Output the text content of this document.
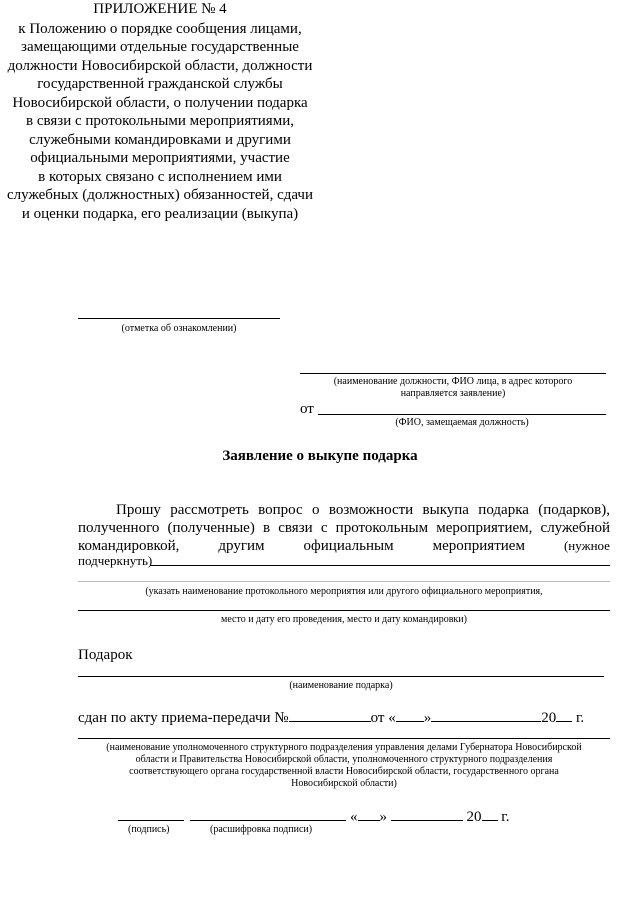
ПРИЛОЖЕНИЕ № 4
к Положению о порядке сообщения лицами,
замещающими отдельные государственные
должности Новосибирской области, должности
государственной гражданской службы
Новосибирской области, о получении подарка
в связи с протокольными мероприятиями,
служебными командировками и другими
официальными мероприятиями, участие
в которых связано с исполнением ими
служебных (должностных) обязанностей, сдачи
и оценки подарка, его реализации (выкупа)
(отметка об ознакомлении)
(наименование должности, ФИО лица, в адрес которого
направляется заявление)
от
(ФИО, замещаемая должность)
Заявление о выкупе подарка
Прошу рассмотреть вопрос о возможности выкупа подарка (подарков),
полученного (полученные) в связи с протокольным мероприятием, служебной
командировкой,	другим	официальным	мероприятием	(нужное
подчеркнуть)
(указать наименование протокольного мероприятия или другого официального мероприятия,
место и дату его проведения, место и дату командировки)
Подарок
(наименование подарка)
сдан по акту приема-передачи №	от « »	20 г.
(наименование уполномоченного структурного подразделения управления делами Губернатора Новосибирской
области и Правительства Новосибирской области, уполномоченного структурного подразделения
соответствующего органа государственной власти Новосибирской области, государственного органа
Новосибирской области)
« »	20 г.
(подпись)	(расшифровка подписи)
